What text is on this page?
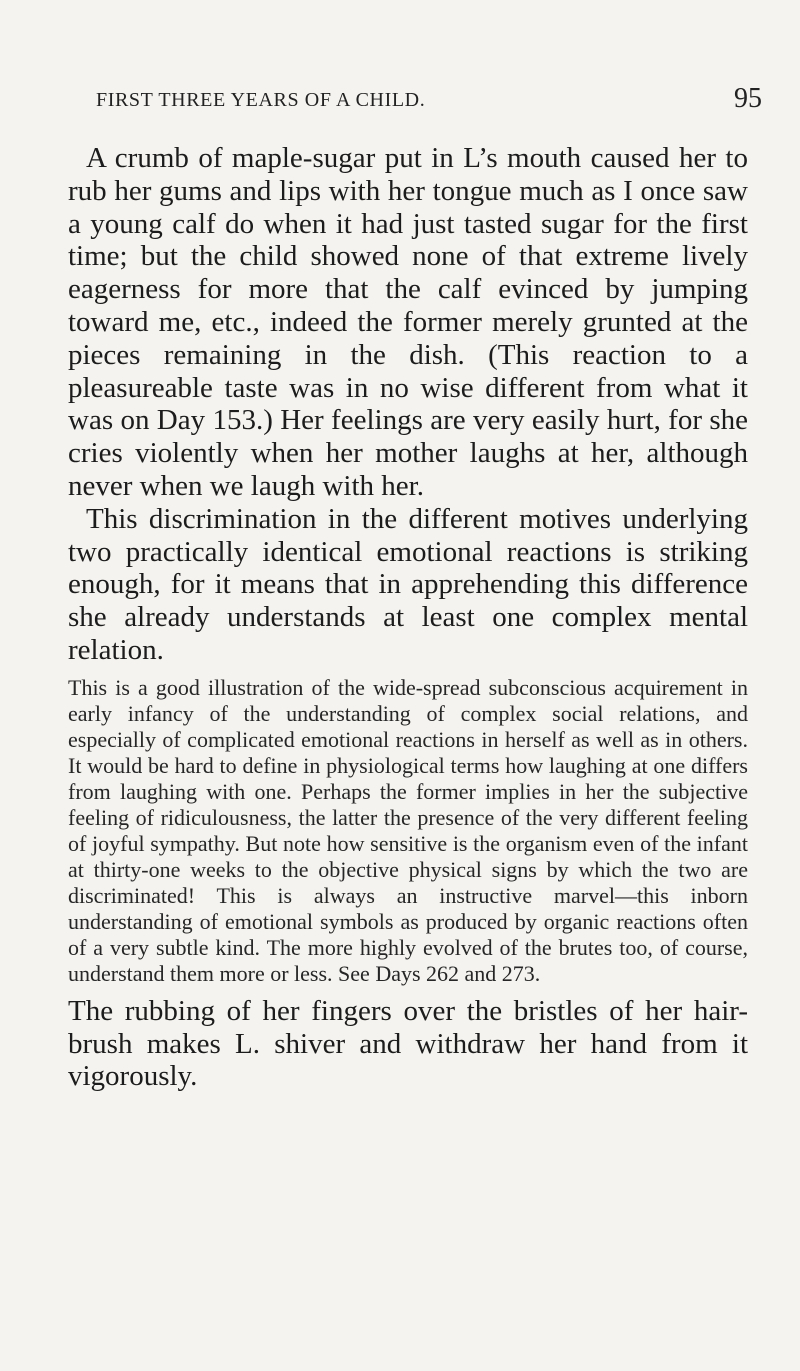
FIRST THREE YEARS OF A CHILD.	95

A crumb of maple-sugar put in L’s mouth caused her to rub her gums and lips with her tongue much as I once saw a young calf do when it had just tasted sugar for the first time; but the child showed none of that extreme lively eagerness for more that the calf evinced by jumping toward me, etc., indeed the former merely grunted at the pieces remaining in the dish. (This reaction to a pleasureable taste was in no wise different from what it was on Day 153.) Her feelings are very easily hurt, for she cries violently when her mother laughs at her, although never when we laugh with her.

This discrimination in the different motives underlying two practically identical emotional reactions is striking enough, for it means that in apprehending this difference she already understands at least one complex mental relation.

This is a good illustration of the wide-spread subconscious acquirement in early infancy of the understanding of complex social relations, and especially of complicated emotional reactions in herself as well as in others. It would be hard to define in physiological terms how laughing at one differs from laughing with one. Perhaps the former implies in her the subjective feeling of ridiculousness, the latter the presence of the very different feeling of joyful sympathy. But note how sensitive is the organism even of the infant at thirty-one weeks to the objective physical signs by which the two are discriminated! This is always an instructive marvel—this inborn understanding of emotional symbols as produced by organic reactions often of a very subtle kind. The more highly evolved of the brutes too, of course, understand them more or less. See Days 262 and 273.

The rubbing of her fingers over the bristles of her hair-brush makes L. shiver and withdraw her hand from it vigorously.
